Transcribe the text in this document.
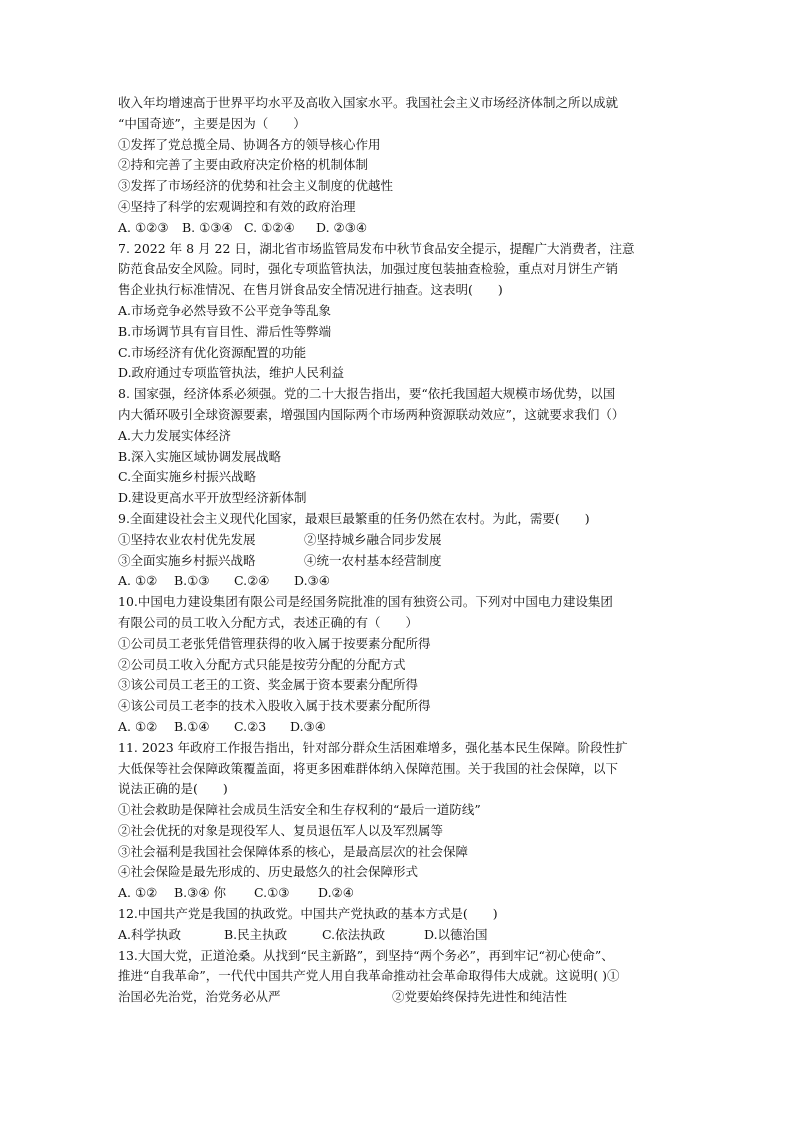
收入年均增速高于世界平均水平及高收入国家水平。我国社会主义市场经济体制之所以成就
“中国奇迹”，主要是因为（　　）
①发挥了党总揽全局、协调各方的领导核心作用
②持和完善了主要由政府决定价格的机制体制
③发挥了市场经济的优势和社会主义制度的优越性
④坚持了科学的宏观调控和有效的政府治理
A. ①②③ B. ①③④ C. ①②④ D. ②③④
7. 2022 年 8 月 22 日，湖北省市场监管局发布中秋节食品安全提示，提醒广大消费者，注意
防范食品安全风险。同时，强化专项监管执法，加强过度包装抽查检验，重点对月饼生产销
售企业执行标准情况、在售月饼食品安全情况进行抽查。这表明(　　)
A.市场竞争必然导致不公平竞争等乱象
B.市场调节具有盲目性、滞后性等弊端
C.市场经济有优化资源配置的功能
D.政府通过专项监管执法，维护人民利益
8. 国家强，经济体系必须强。党的二十大报告指出，要“依托我国超大规模市场优势，以国
内大循环吸引全球资源要素，增强国内国际两个市场两种资源联动效应”，这就要求我们（）
A.大力发展实体经济
B.深入实施区域协调发展战略
C.全面实施乡村振兴战略
D.建设更高水平开放型经济新体制
9.全面建设社会主义现代化国家，最艰巨最繁重的任务仍然在农村。为此，需要(　　)
①坚持农业农村优先发展	②坚持城乡融合同步发展
③全面实施乡村振兴战略	④统一农村基本经营制度
A. ①② B.①③ C.②④ D.③④
10.中国电力建设集团有限公司是经国务院批准的国有独资公司。下列对中国电力建设集团
有限公司的员工收入分配方式，表述正确的有（　　）
①公司员工老张凭借管理获得的收入属于按要素分配所得
②公司员工收入分配方式只能是按劳分配的分配方式
③该公司员工老王的工资、奖金属于资本要素分配所得
④该公司员工老李的技术入股收入属于技术要素分配所得
A. ①② B.①④ C.②3 D.③④
11. 2023 年政府工作报告指出，针对部分群众生活困难增多，强化基本民生保障。阶段性扩
大低保等社会保障政策覆盖面，将更多困难群体纳入保障范围。关于我国的社会保障，以下
说法正确的是(　　)
①社会救助是保障社会成员生活安全和生存权利的“最后一道防线”
②社会优抚的对象是现役军人、复员退伍军人以及军烈属等
③社会福利是我国社会保障体系的核心，是最高层次的社会保障
④社会保险是最先形成的、历史最悠久的社会保障形式
A. ①② B.③④ 你 C.①③ D.②④
12.中国共产党是我国的执政党。中国共产党执政的基本方式是(　　)
A.科学执政	B.民主执政	C.依法执政	D.以德治国
13.大国大党，正道沧桑。从找到“民主新路”，到坚持“两个务必”，再到牢记“初心使命”、
推进“自我革命”，一代代中国共产党人用自我革命推动社会革命取得伟大成就。这说明( )①
治国必先治党，治党务必从严	②党要始终保持先进性和纯洁性
